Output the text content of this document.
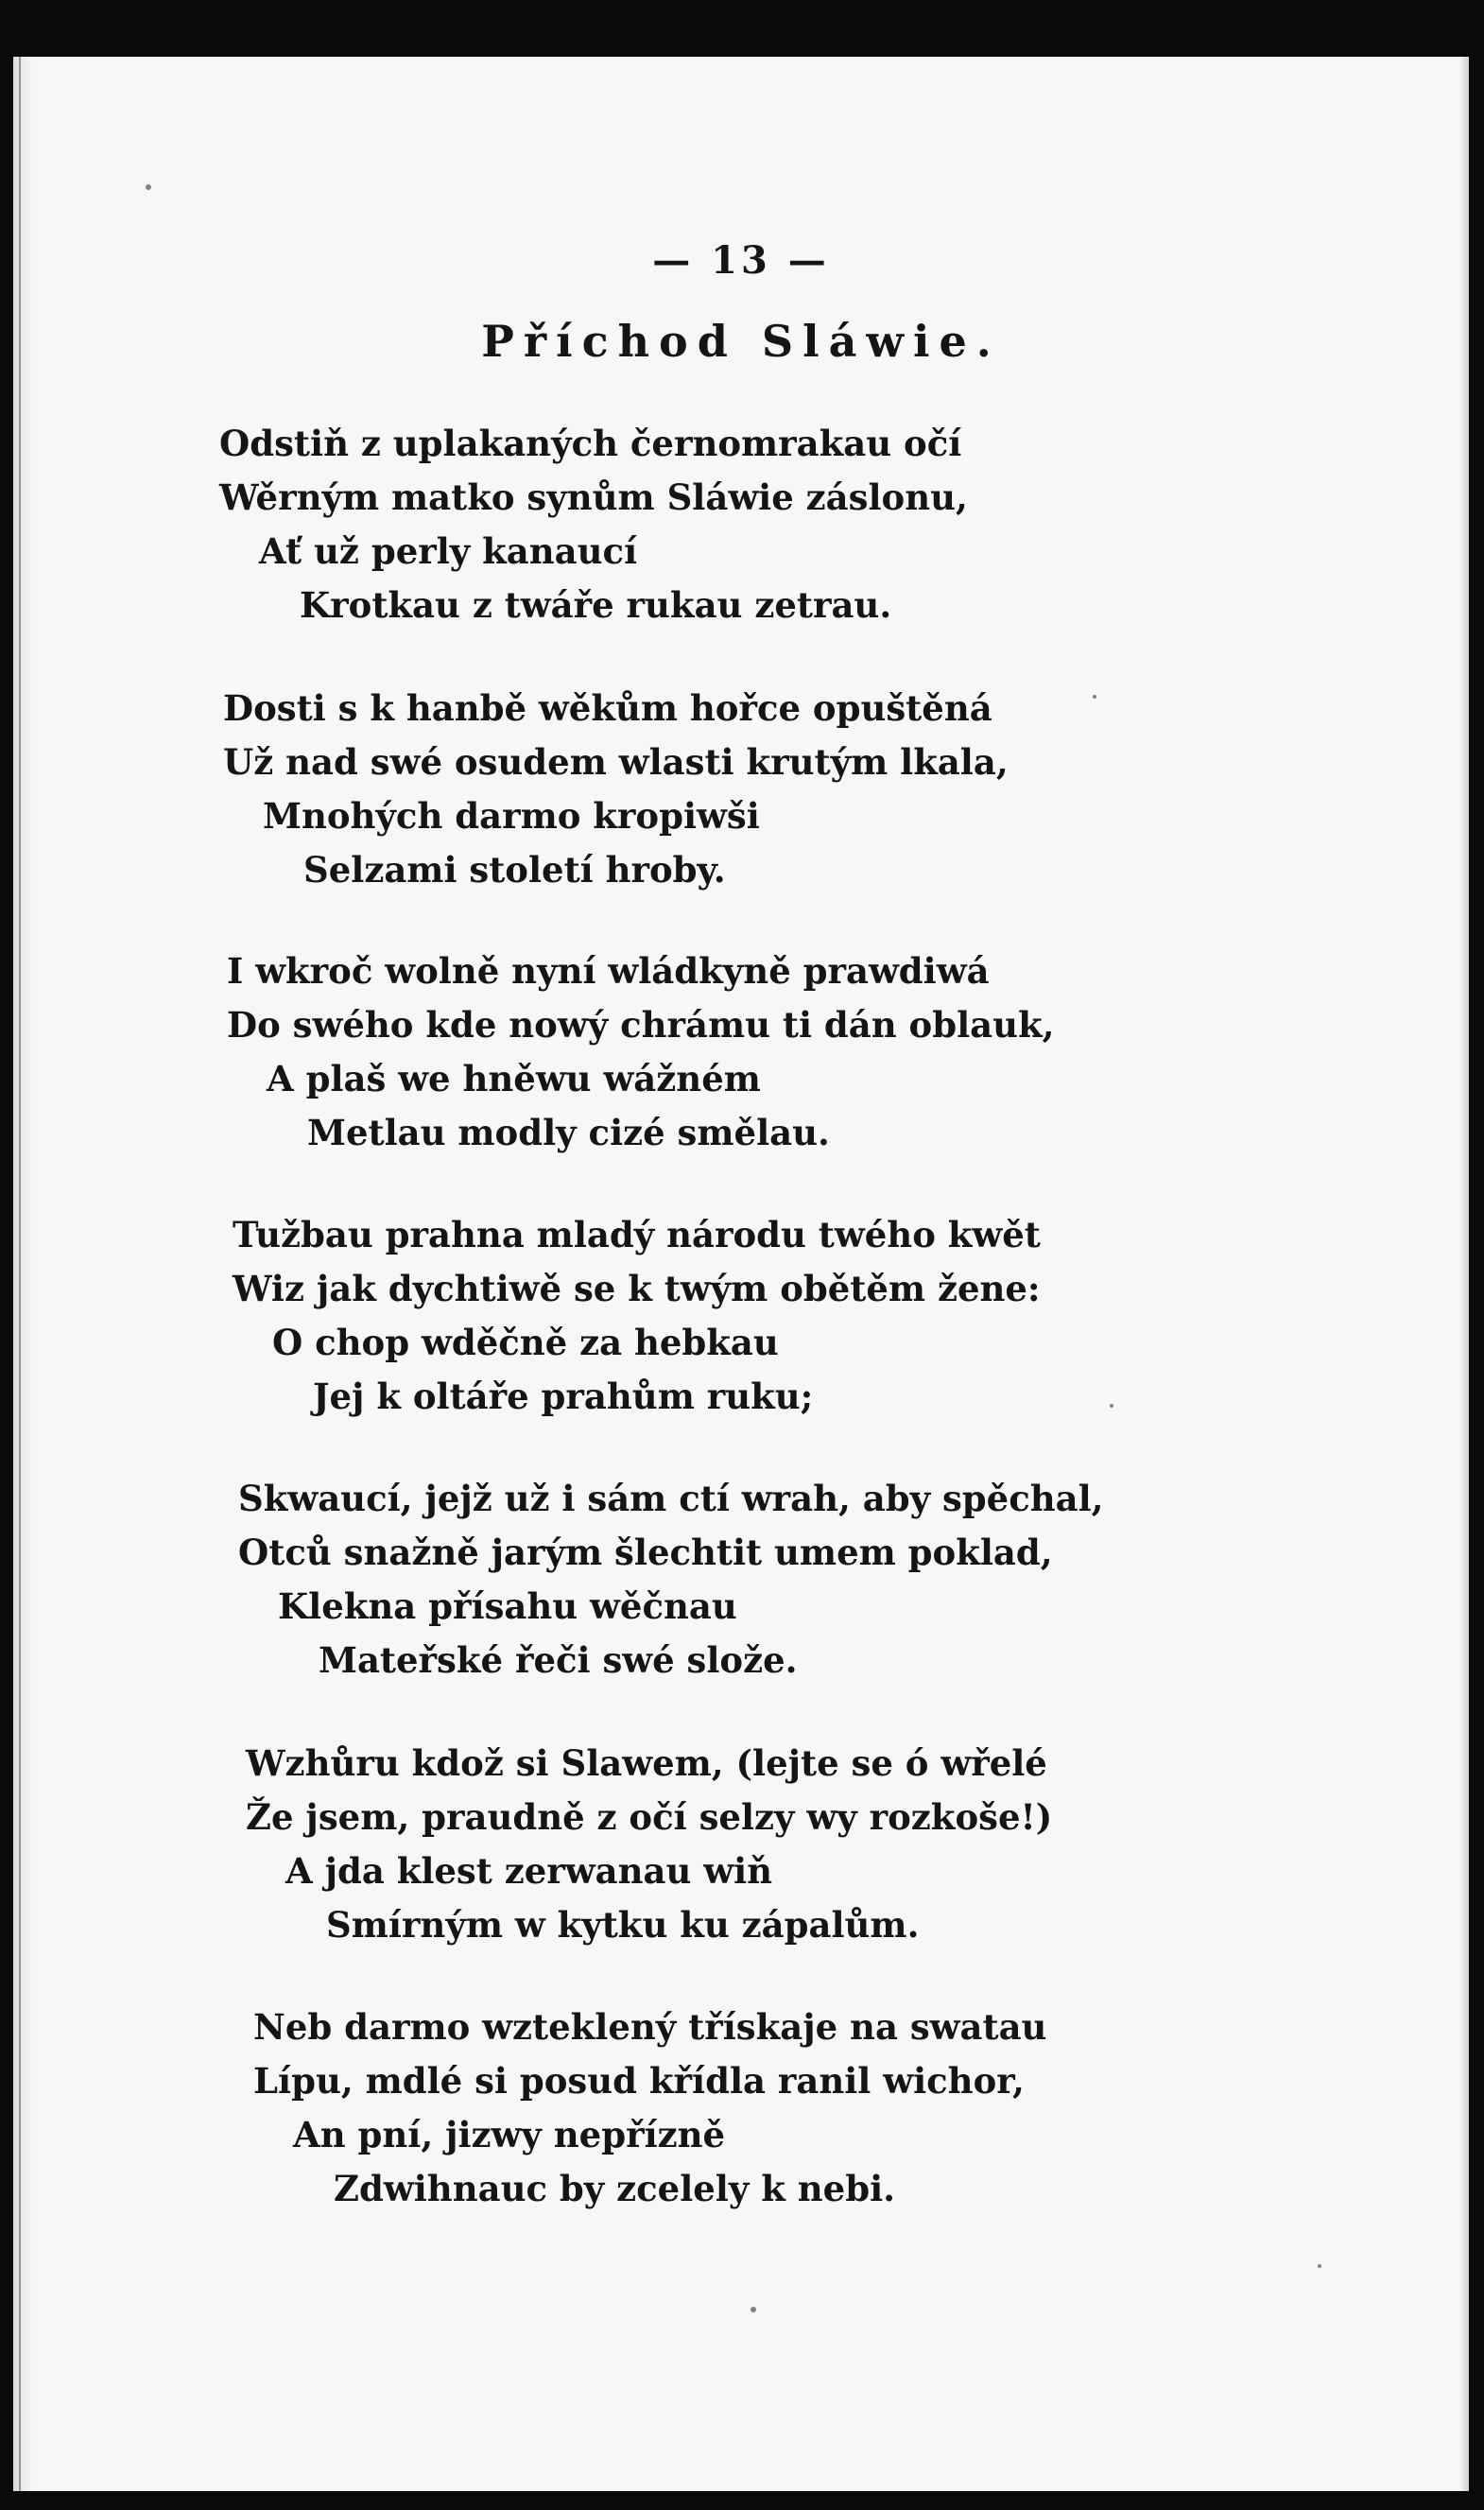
— 13 —
Příchod Sláwie.
Odstiň z uplakaných černomrakau očí
Wěrným matko synům Sláwie záslonu,
Ať už perly kanaucí
Krotkau z twáře rukau zetrau.
Dosti s k hanbě wěkům hořce opuštěná
Už nad swé osudem wlasti krutým lkala,
Mnohých darmo kropiwši
Selzami století hroby.
I wkroč wolně nyní wládkyně prawdiwá
Do swého kde nowý chrámu ti dán oblauk,
A plaš we hněwu wážném
Metlau modly cizé smělau.
Tužbau prahna mladý národu twého kwět
Wiz jak dychtiwě se k twým obětěm žene:
O chop wděčně za hebkau
Jej k oltáře prahům ruku;
Skwaucí, jejž už i sám ctí wrah, aby spěchal,
Otců snažně jarým šlechtit umem poklad,
Klekna přísahu wěčnau
Mateřské řeči swé slože.
Wzhůru kdož si Slawem, (lejte se ó wřelé
Že jsem, praudně z očí selzy wy rozkoše!)
A jda klest zerwanau wiň
Smírným w kytku ku zápalům.
Neb darmo wzteklený třískaje na swatau
Lípu, mdlé si posud křídla ranil wichor,
An pní, jizwy nepřízně
Zdwihnauc by zcelely k nebi.
